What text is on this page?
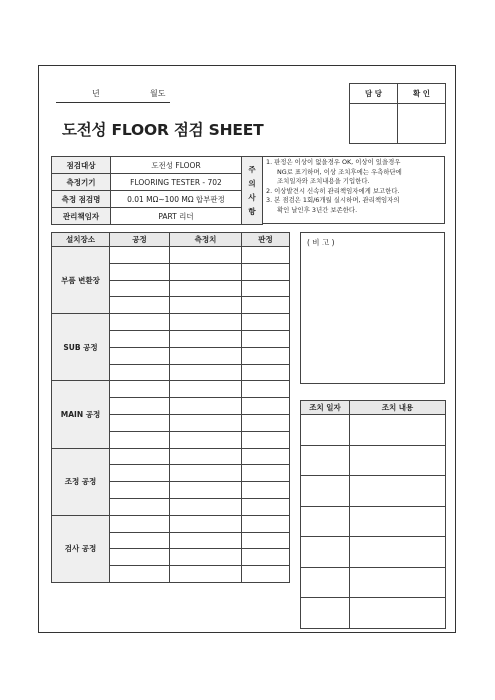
년	월도
도전성 FLOOR 점검 SHEET
담 당	확 인

점검대상	도전성 FLOOR	주
의
사
항

측정기기	FLOORING TESTER - 702	
측정 점검명	0.01 MΩ~100 MΩ 합부판정	
관리책임자	PART 리더	
1. 판정은 이상이 없을경우 OK, 이상이 있을경우
NG로 표기하며, 이상 조치후에는 우측하단에
조치일자와 조치내용을 기입한다.
2. 이상발견시 신속히 관리책임자에게 보고한다.
3. 본 점검은 1회/6개월 실시하며, 관리책임자의
확인 날인후 3년간 보존한다.
설치장소	공정	측정치	판정
부품 변환장			

SUB 공정			

MAIN 공정			

조정 공정			

검사 공정			

( 비 고 )
조치 일자	조치 내용
